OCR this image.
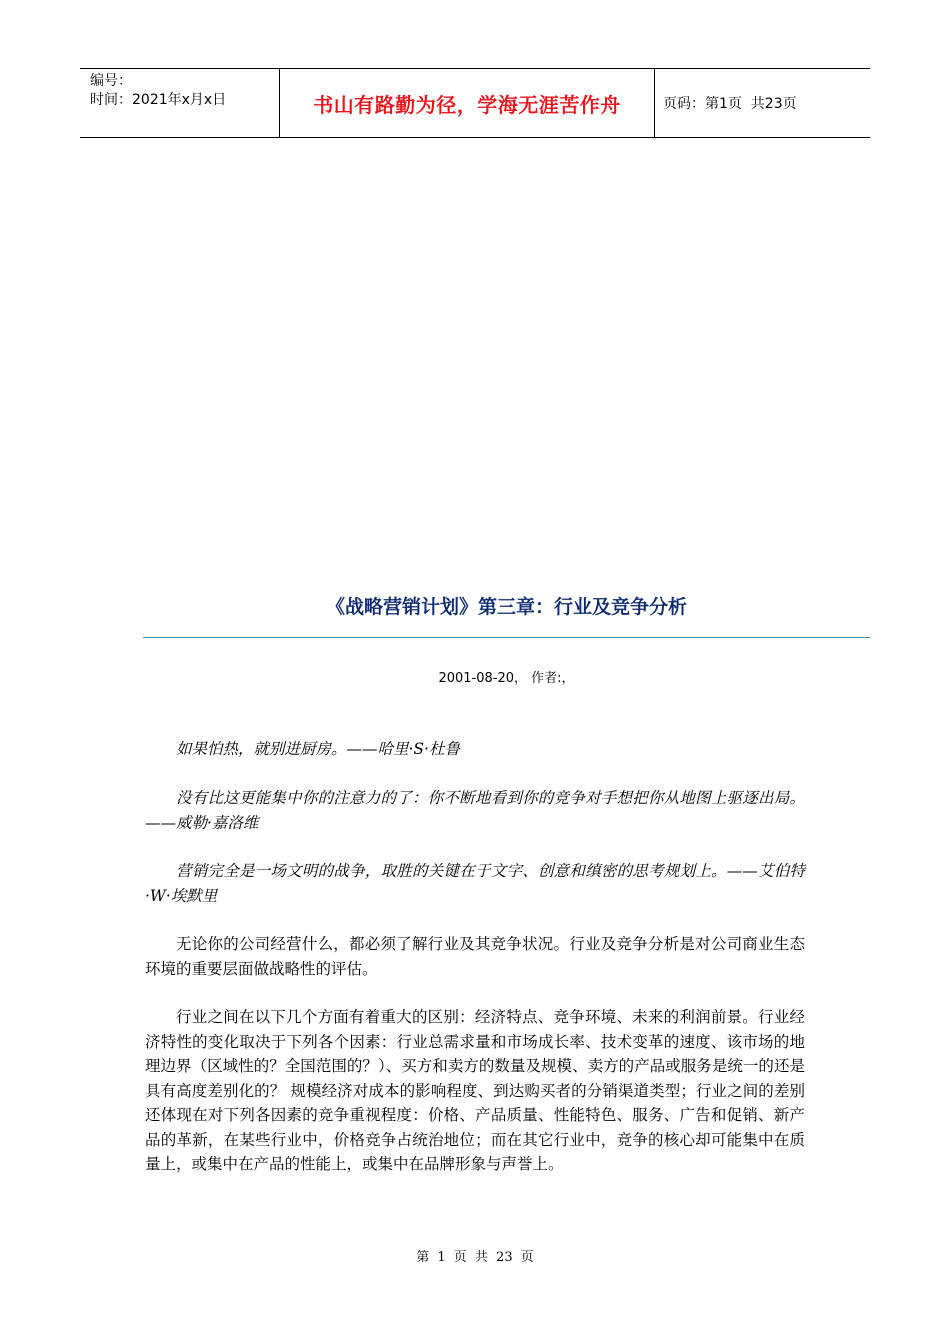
编号：
时间：2021年x月x日	书山有路勤为径，学海无涯苦作舟	页码：第1页  共23页
《战略营销计划》第三章：行业及竞争分析
2001-08-20， 作者:，

如果怕热，就别进厨房。——哈里·S·杜鲁

没有比这更能集中你的注意力的了：你不断地看到你的竞争对手想把你从地图上驱逐出局。——威勒·嘉洛维

营销完全是一场文明的战争，取胜的关键在于文字、创意和缜密的思考规划上。——艾伯特·W·埃默里

无论你的公司经营什么，都必须了解行业及其竞争状况。行业及竞争分析是对公司商业生态环境的重要层面做战略性的评估。

行业之间在以下几个方面有着重大的区别：经济特点、竞争环境、未来的利润前景。行业经济特性的变化取决于下列各个因素：行业总需求量和市场成长率、技术变革的速度、该市场的地理边界（区域性的？全国范围的？）、买方和卖方的数量及规模、卖方的产品或服务是统一的还是具有高度差别化的？ 规模经济对成本的影响程度、到达购买者的分销渠道类型；行业之间的差别还体现在对下列各因素的竞争重视程度：价格、产品质量、性能特色、服务、广告和促销、新产品的革新，在某些行业中，价格竞争占统治地位；而在其它行业中，竞争的核心却可能集中在质量上，或集中在产品的性能上，或集中在品牌形象与声誉上。

第 1 页 共 23 页
